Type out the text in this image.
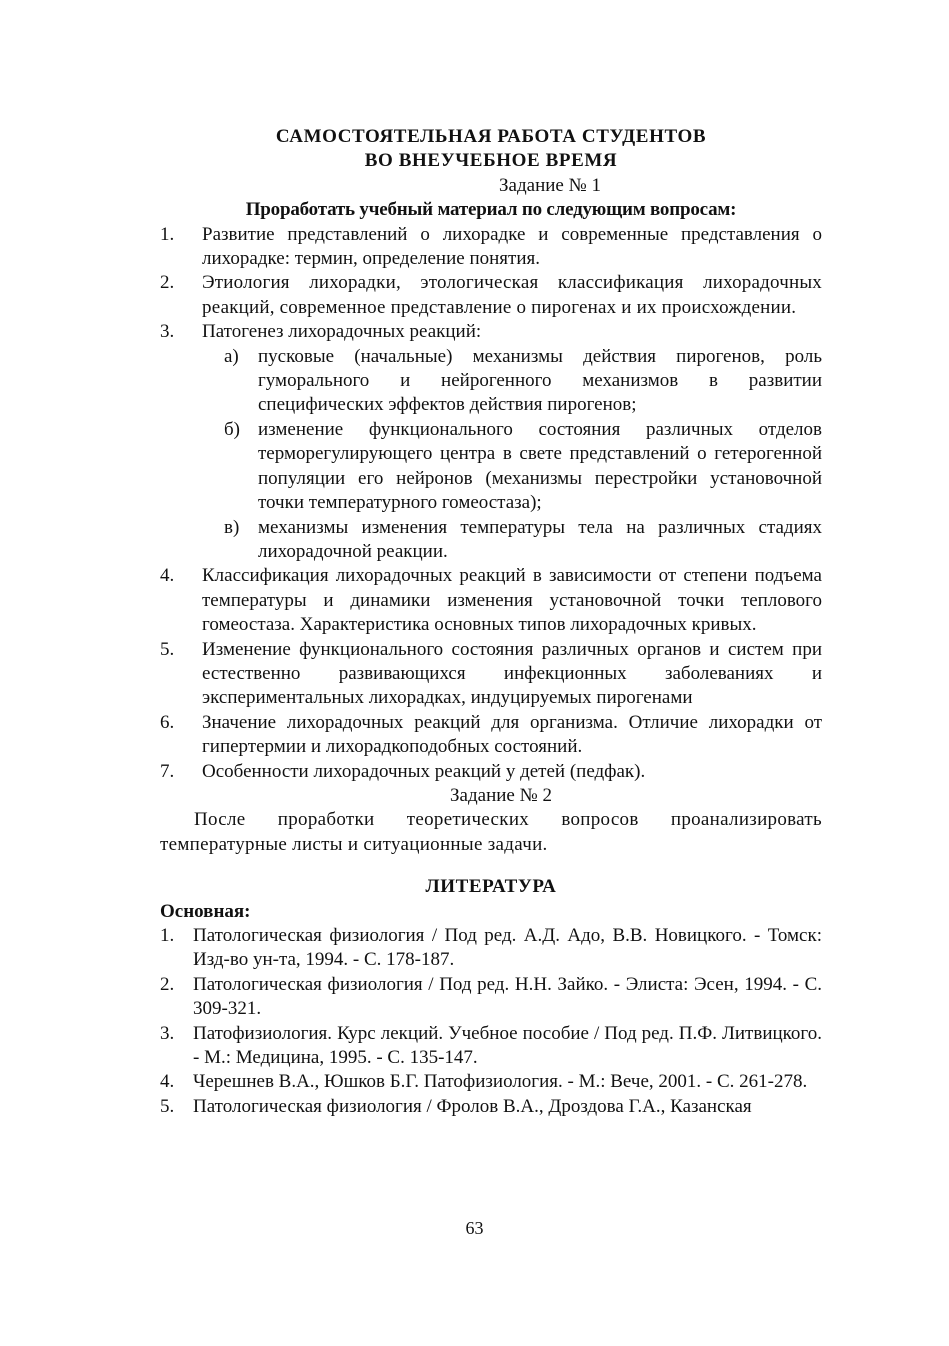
САМОСТОЯТЕЛЬНАЯ РАБОТА СТУДЕНТОВ
ВО ВНЕУЧЕБНОЕ ВРЕМЯ
Задание № 1
Проработать учебный материал по следующим вопросам:
1.	Развитие представлений о лихорадке и современные представления о лихорадке: термин, определение понятия.
2.	Этиология лихорадки, этологическая классификация лихорадочных реакций, современное представление о пирогенах и их происхождении.
3.	Патогенез лихорадочных реакций:
а)	пусковые (начальные) механизмы действия пирогенов, роль гуморального и нейрогенного механизмов в развитии специфических эффектов действия пирогенов;
б) изменение функционального состояния различных отделов терморегулирующего центра в свете представлений о гетерогенной популяции его нейронов (механизмы перестройки установочной точки температурного гомеостаза);
в) механизмы изменения температуры тела на различных стадиях лихорадочной реакции.
4.	Классификация лихорадочных реакций в зависимости от степени подъема температуры и динамики изменения установочной точки теплового гомеостаза. Характеристика основных типов лихорадочных кривых.
5.	Изменение функционального состояния различных органов и систем при естественно развивающихся инфекционных заболеваниях и экспериментальных лихорадках, индуцируемых пирогенами
6.	Значение лихорадочных реакций для организма. Отличие лихорадки от гипертермии и лихорадкоподобных состояний.
7.	Особенности лихорадочных реакций у детей (педфак).
Задание № 2
После проработки теоретических вопросов проанализировать температурные листы и ситуационные задачи.
ЛИТЕРАТУРА
Основная:
1. Патологическая физиология / Под ред. А.Д. Адо, В.В. Новицкого. - Томск: Изд-во ун-та, 1994. - С. 178-187.
2. Патологическая физиология / Под ред. Н.Н. Зайко. - Элиста: Эсен, 1994. - С. 309-321.
3. Патофизиология. Курс лекций. Учебное пособие / Под ред. П.Ф. Литвицкого. - М.: Медицина, 1995. - С. 135-147.
4. Черешнев В.А., Юшков Б.Г. Патофизиология. - М.: Вече, 2001. - С. 261-278.
5. Патологическая физиология / Фролов В.А., Дроздова Г.А., Казанская
63
